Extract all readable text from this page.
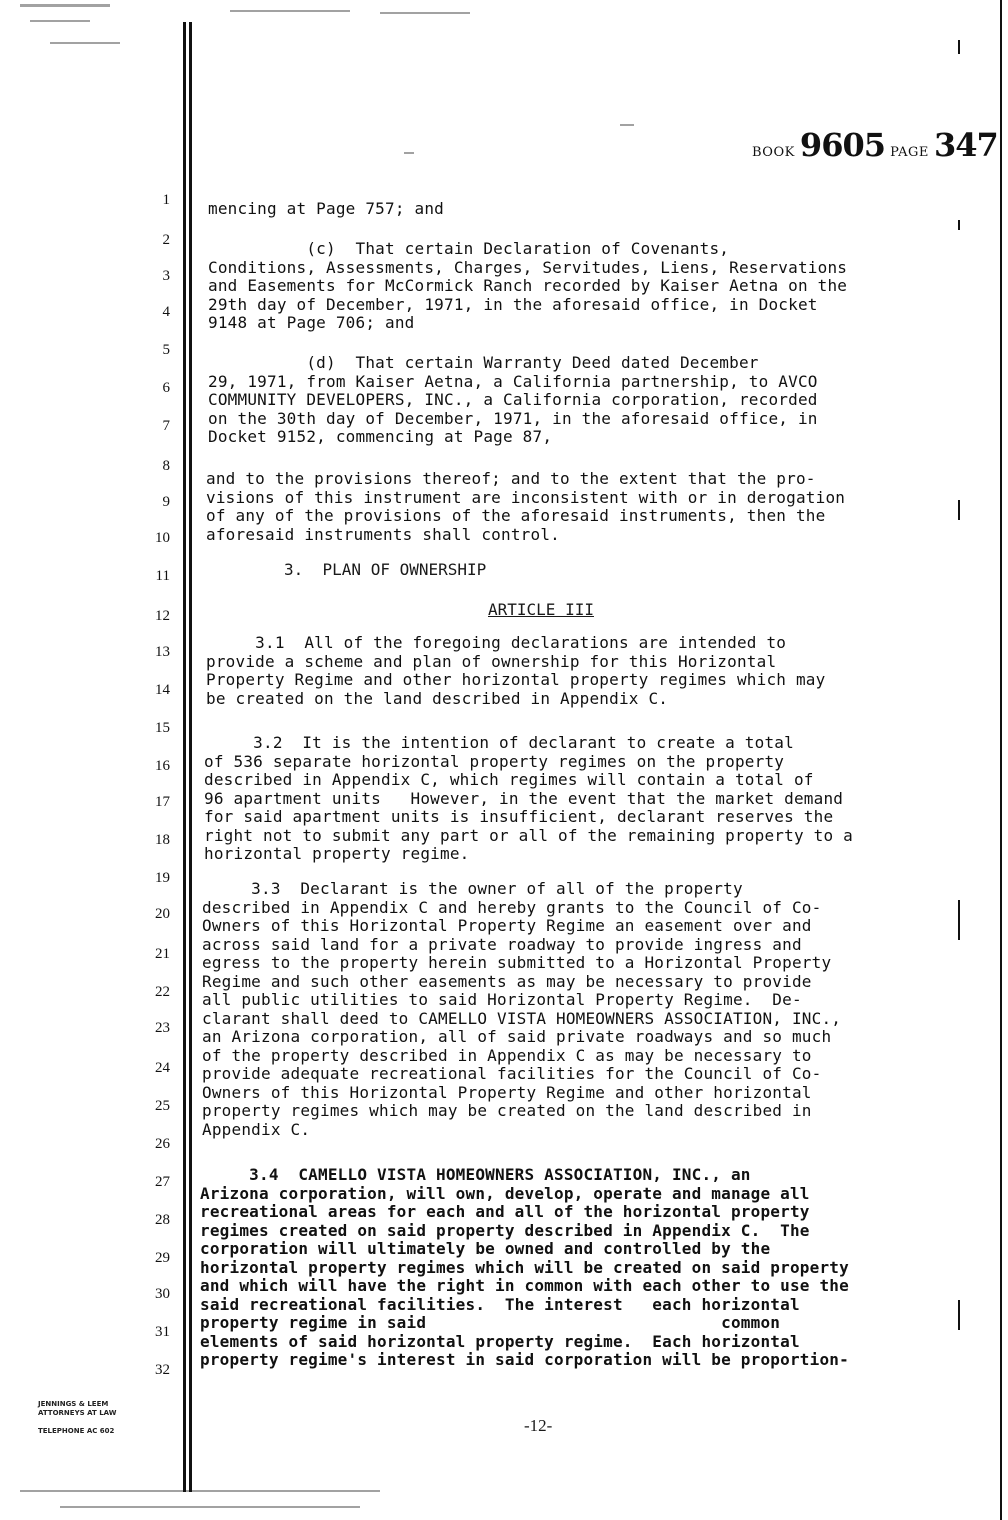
BOOK 9605 PAGE 347
1
2
3
4
5
6
7
8
9
10
11
12
13
14
15
16
17
18
19
20
21
22
23
24
25
26
27
28
29
30
31
32
mencing at Page 757; and
(c)  That certain Declaration of Covenants,
Conditions, Assessments, Charges, Servitudes, Liens, Reservations
and Easements for McCormick Ranch recorded by Kaiser Aetna on the
29th day of December, 1971, in the aforesaid office, in Docket
9148 at Page 706; and
(d)  That certain Warranty Deed dated December
29, 1971, from Kaiser Aetna, a California partnership, to AVCO
COMMUNITY DEVELOPERS, INC., a California corporation, recorded
on the 30th day of December, 1971, in the aforesaid office, in
Docket 9152, commencing at Page 87,
and to the provisions thereof; and to the extent that the pro-
visions of this instrument are inconsistent with or in derogation
of any of the provisions of the aforesaid instruments, then the
aforesaid instruments shall control.
3.1  All of the foregoing declarations are intended to
provide a scheme and plan of ownership for this Horizontal
Property Regime and other horizontal property regimes which may
be created on the land described in Appendix C.
3.2  It is the intention of declarant to create a total
of 536 separate horizontal property regimes on the property
described in Appendix C, which regimes will contain a total of
96 apartment units   However, in the event that the market demand
for said apartment units is insufficient, declarant reserves the
right not to submit any part or all of the remaining property to a
horizontal property regime.
3.3  Declarant is the owner of all of the property
described in Appendix C and hereby grants to the Council of Co-
Owners of this Horizontal Property Regime an easement over and
across said land for a private roadway to provide ingress and
egress to the property herein submitted to a Horizontal Property
Regime and such other easements as may be necessary to provide
all public utilities to said Horizontal Property Regime.  De-
clarant shall deed to CAMELLO VISTA HOMEOWNERS ASSOCIATION, INC.,
an Arizona corporation, all of said private roadways and so much
of the property described in Appendix C as may be necessary to
provide adequate recreational facilities for the Council of Co-
Owners of this Horizontal Property Regime and other horizontal
property regimes which may be created on the land described in
Appendix C.
3.4  CAMELLO VISTA HOMEOWNERS ASSOCIATION, INC., an
Arizona corporation, will own, develop, operate and manage all
recreational areas for each and all of the horizontal property
regimes created on said property described in Appendix C.  The
corporation will ultimately be owned and controlled by the
horizontal property regimes which will be created on said property
and which will have the right in common with each other to use the
said recreational facilities.  The interest   each horizontal
property regime in said                              common
elements of said horizontal property regime.  Each horizontal
property regime's interest in said corporation will be proportion-
3.  PLAN OF OWNERSHIP
ARTICLE III
-12-
JENNINGS & LEEM
ATTORNEYS AT LAW

TELEPHONE AC 602
